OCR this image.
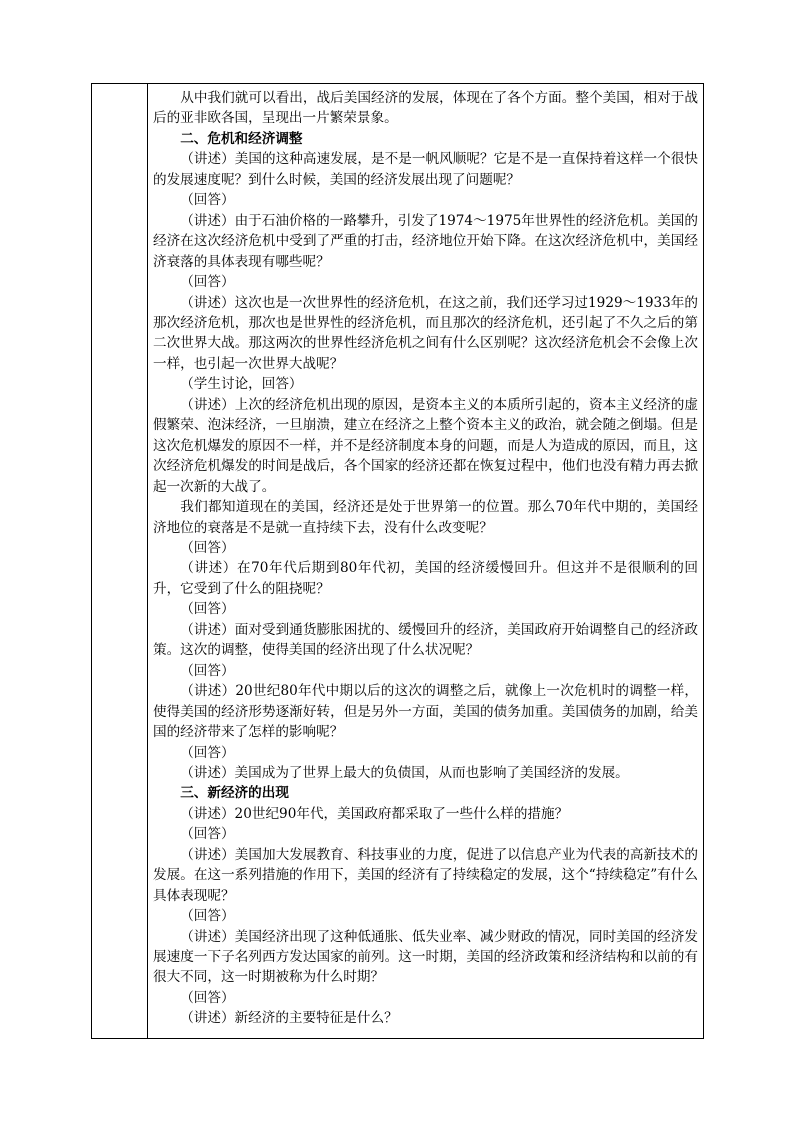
从中我们就可以看出，战后美国经济的发展，体现在了各个方面。整个美国，相对于战后的亚非欧各国，呈现出一片繁荣景象。

二、危机和经济调整

（讲述）美国的这种高速发展，是不是一帆风顺呢？它是不是一直保持着这样一个很快的发展速度呢？到什么时候，美国的经济发展出现了问题呢？

（回答）

（讲述）由于石油价格的一路攀升，引发了1974～1975年世界性的经济危机。美国的经济在这次经济危机中受到了严重的打击，经济地位开始下降。在这次经济危机中，美国经济衰落的具体表现有哪些呢？

（回答）

（讲述）这次也是一次世界性的经济危机，在这之前，我们还学习过1929～1933年的那次经济危机，那次也是世界性的经济危机，而且那次的经济危机，还引起了不久之后的第二次世界大战。那这两次的世界性经济危机之间有什么区别呢？这次经济危机会不会像上次一样，也引起一次世界大战呢？

（学生讨论，回答）

（讲述）上次的经济危机出现的原因，是资本主义的本质所引起的，资本主义经济的虚假繁荣、泡沫经济，一旦崩溃，建立在经济之上整个资本主义的政治，就会随之倒塌。但是这次危机爆发的原因不一样，并不是经济制度本身的问题，而是人为造成的原因，而且，这次经济危机爆发的时间是战后，各个国家的经济还都在恢复过程中，他们也没有精力再去掀起一次新的大战了。

我们都知道现在的美国，经济还是处于世界第一的位置。那么70年代中期的，美国经济地位的衰落是不是就一直持续下去，没有什么改变呢？

（回答）

（讲述）在70年代后期到80年代初，美国的经济缓慢回升。但这并不是很顺利的回升，它受到了什么的阻挠呢？

（回答）

（讲述）面对受到通货膨胀困扰的、缓慢回升的经济，美国政府开始调整自己的经济政策。这次的调整，使得美国的经济出现了什么状况呢？

（回答）

（讲述）20世纪80年代中期以后的这次的调整之后，就像上一次危机时的调整一样，使得美国的经济形势逐渐好转，但是另外一方面，美国的债务加重。美国债务的加剧，给美国的经济带来了怎样的影响呢？

（回答）

（讲述）美国成为了世界上最大的负债国，从而也影响了美国经济的发展。

三、新经济的出现

（讲述）20世纪90年代，美国政府都采取了一些什么样的措施？

（回答）

（讲述）美国加大发展教育、科技事业的力度，促进了以信息产业为代表的高新技术的发展。在这一系列措施的作用下，美国的经济有了持续稳定的发展，这个“持续稳定”有什么具体表现呢？

（回答）

（讲述）美国经济出现了这种低通胀、低失业率、减少财政的情况，同时美国的经济发展速度一下子名列西方发达国家的前列。这一时期，美国的经济政策和经济结构和以前的有很大不同，这一时期被称为什么时期？

（回答）

（讲述）新经济的主要特征是什么？
